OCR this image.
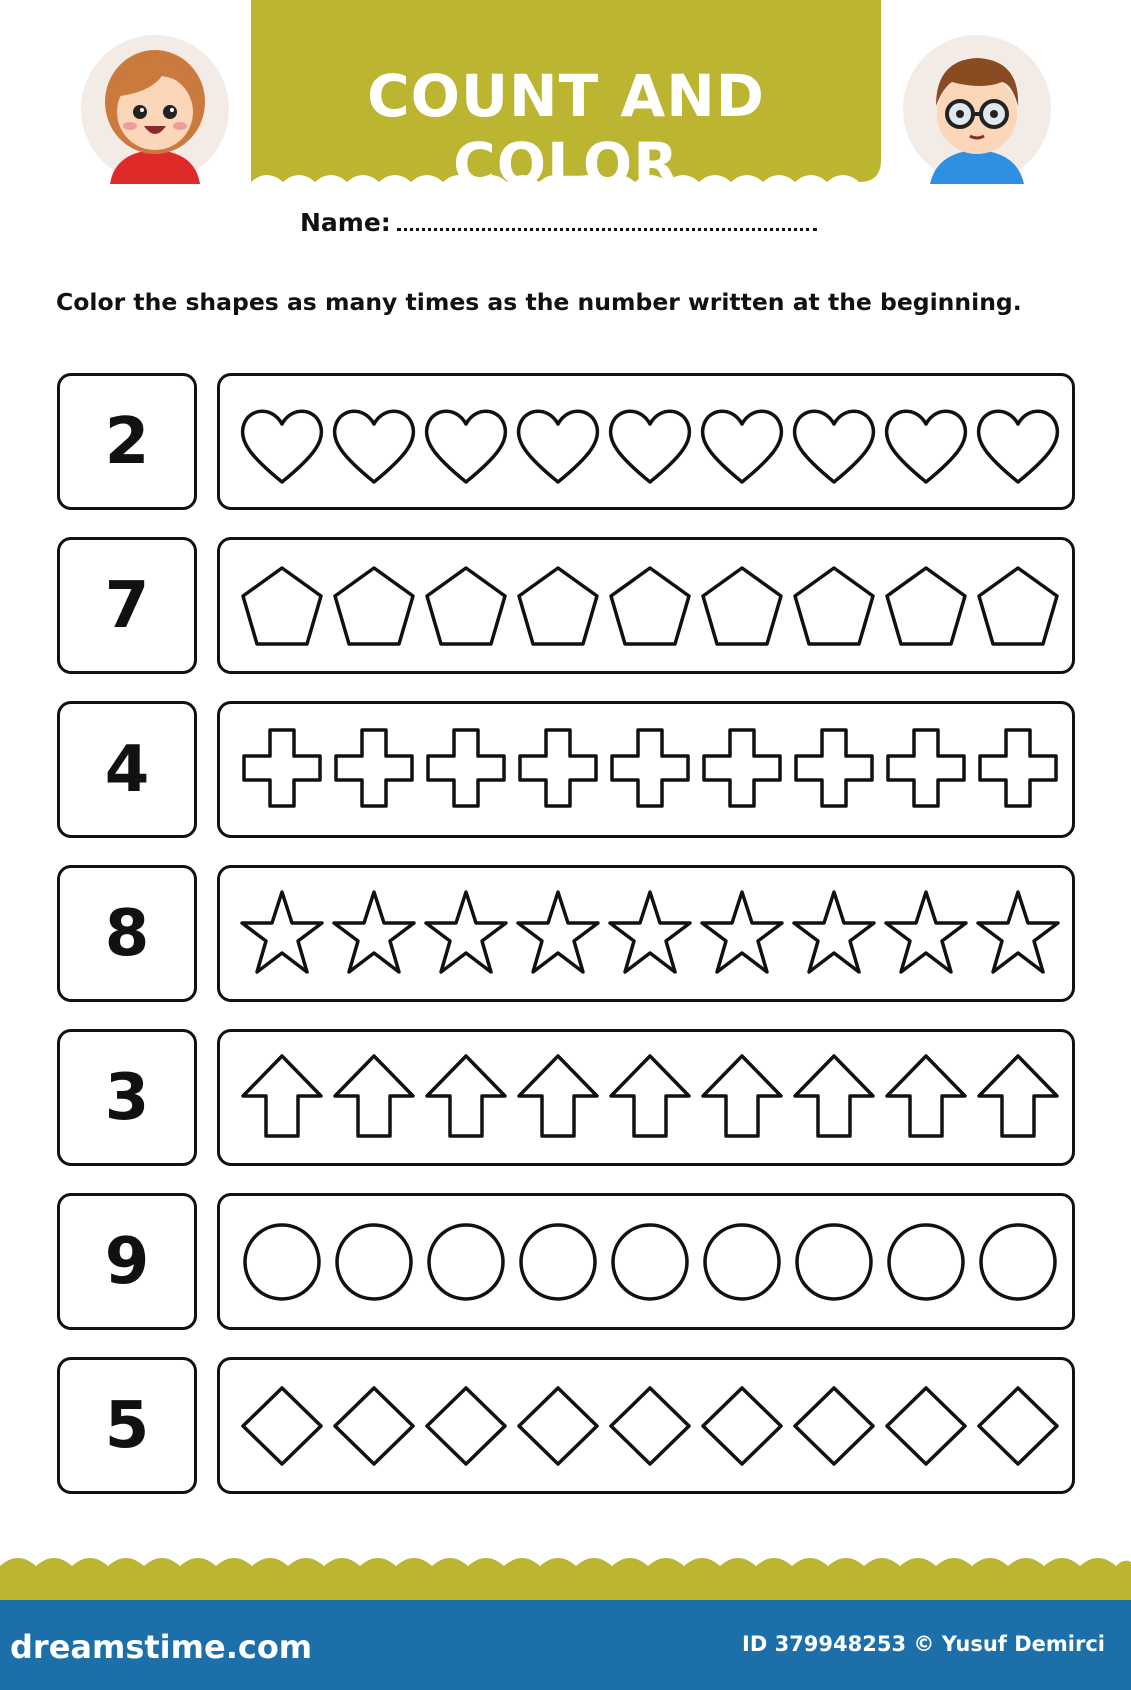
COUNT AND COLOR
Name:
Color the shapes as many times as the number written at the beginning.
2
7
4
8
3
9
5
dreamstime.com	ID 379948253 © Yusuf Demirci
